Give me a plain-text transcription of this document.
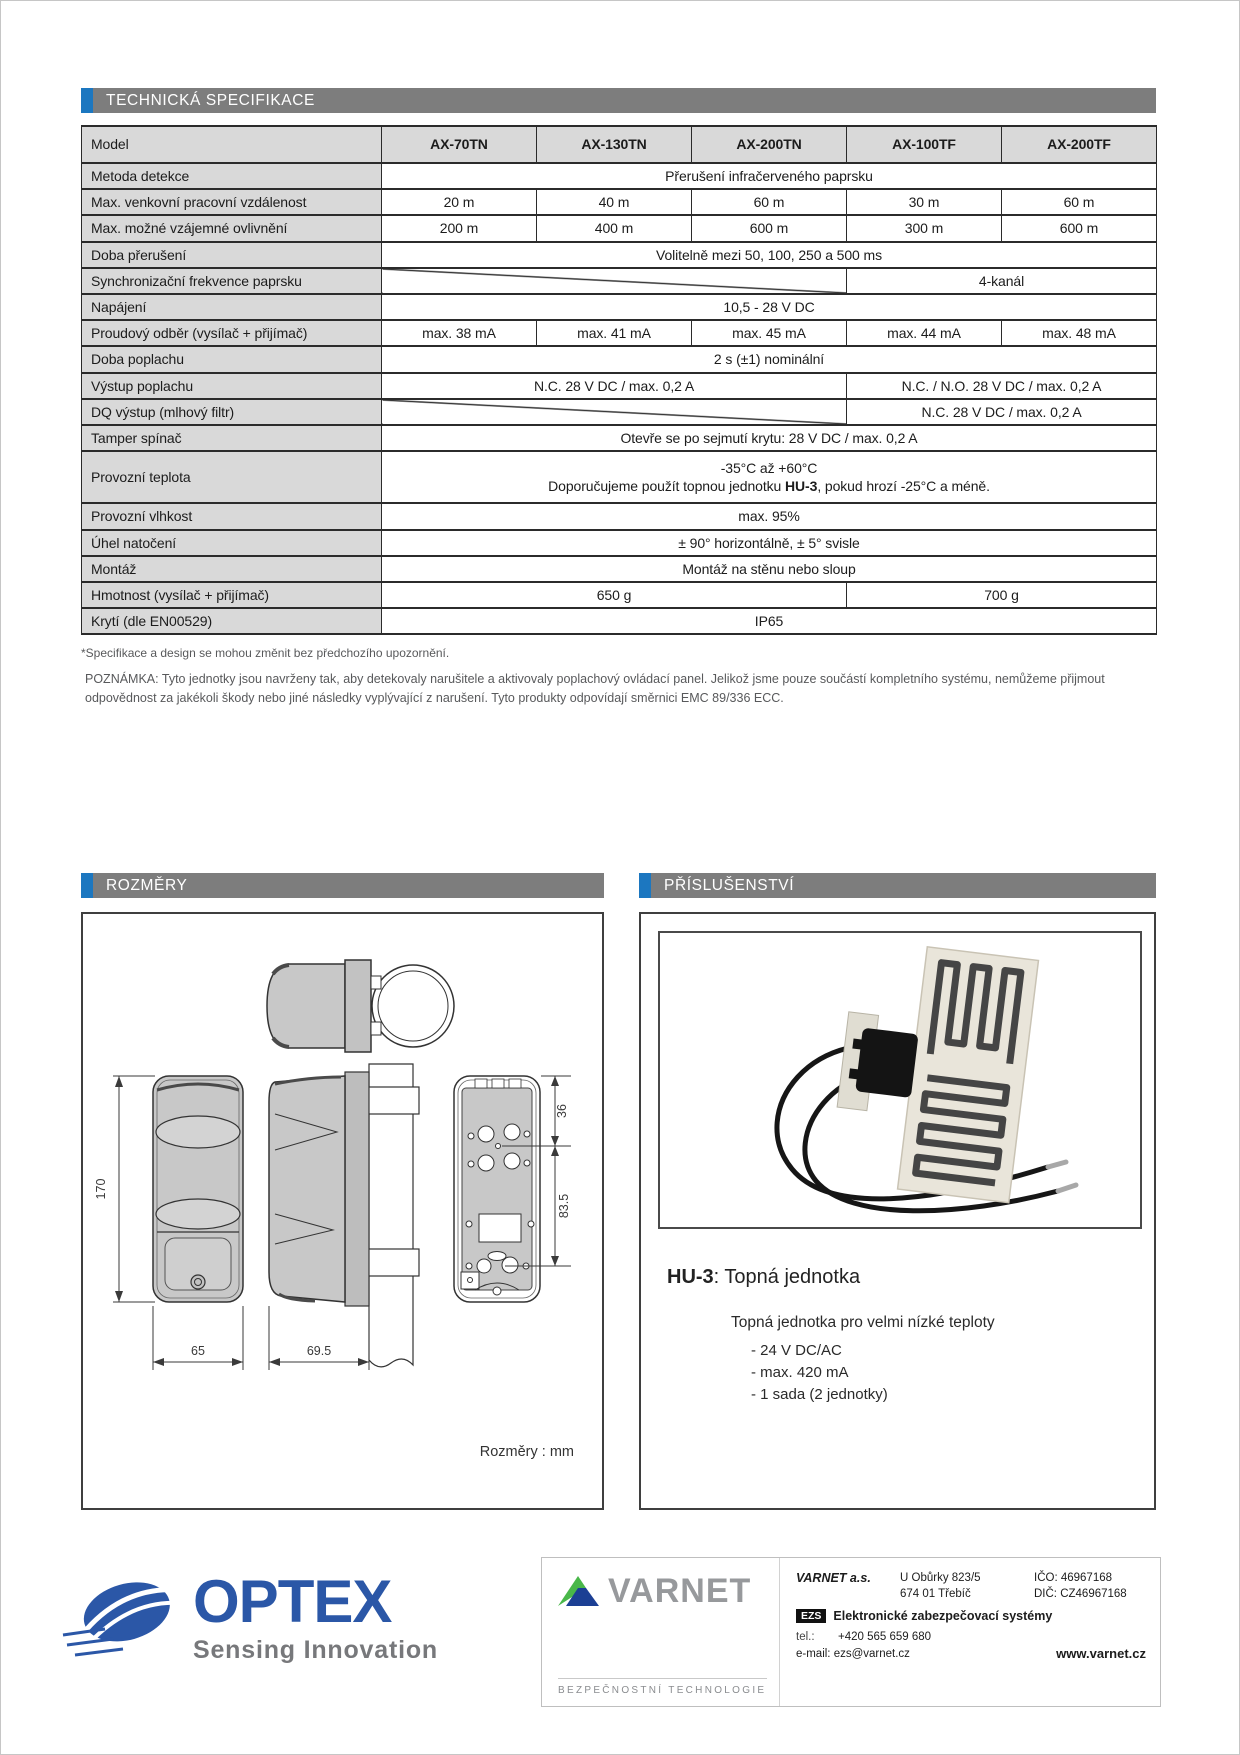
TECHNICKÁ SPECIFIKACE
Model	AX-70TN	AX-130TN	AX-200TN	AX-100TF	AX-200TF
Metoda detekce	Přerušení infračerveného paprsku				

Max. venkovní pracovní vzdálenost	20 m	40 m	60 m	30 m	60 m

Max. možné vzájemné ovlivnění	200 m	400 m	600 m	300 m	600 m

Doba přerušení	Volitelně mezi 50, 100, 250 a 500 ms				

Synchronizační frekvence paprsku				4-kanál	

Napájení	10,5 - 28 V DC				

Proudový odběr (vysílač + přijímač)	max. 38 mA	max. 41 mA	max. 45 mA	max. 44 mA	max. 48 mA

Doba poplachu	2 s (±1) nominální				

Výstup poplachu	N.C. 28 V DC / max. 0,2 A			N.C. / N.O. 28 V DC / max. 0,2 A	

DQ výstup (mlhový filtr)				N.C. 28 V DC / max. 0,2 A	

Tamper spínač	Otevře se po sejmutí krytu: 28 V DC / max. 0,2 A				

Provozní teplota	-35°C až +60°C
Doporučujeme použít topnou jednotku HU-3, pokud hrozí -25°C a méně.				

Provozní vlhkost	max. 95%				

Úhel natočení	± 90° horizontálně, ± 5° svisle				

Montáž	Montáž na stěnu nebo sloup				

Hmotnost (vysílač + přijímač)	650 g			700 g	

Krytí (dle EN00529)	IP65				
*Specifikace a design se mohou změnit bez předchozího upozornění.
POZNÁMKA: Tyto jednotky jsou navrženy tak, aby detekovaly narušitele a aktivovaly poplachový ovládací panel. Jelikož jsme pouze součástí kompletního systému, nemůžeme přijmout odpovědnost za jakékoli škody nebo jiné následky vyplývající z narušení. Tyto produkty odpovídají směrnici EMC 89/336 ECC.
ROZMĚRY	PŘÍSLUŠENSTVÍ
170
36
83.5
65	69.5
Rozměry : mm
HU-3: Topná jednotka
Topná jednotka pro velmi nízké teploty
- 24 V DC/AC
- max. 420 mA
- 1 sada (2 jednotky)
OPTEX
Sensing Innovation
VARNET
BEZPEČNOSTNÍ TECHNOLOGIE
VARNET a.s.	U Obůrky 823/5
674 01 Třebíč
IČO: 46967168
DIČ: CZ46967168
EZS Elektronické zabezpečovací systémy
tel.: +420 565 659 680
e-mail: ezs@varnet.cz	www.varnet.cz
